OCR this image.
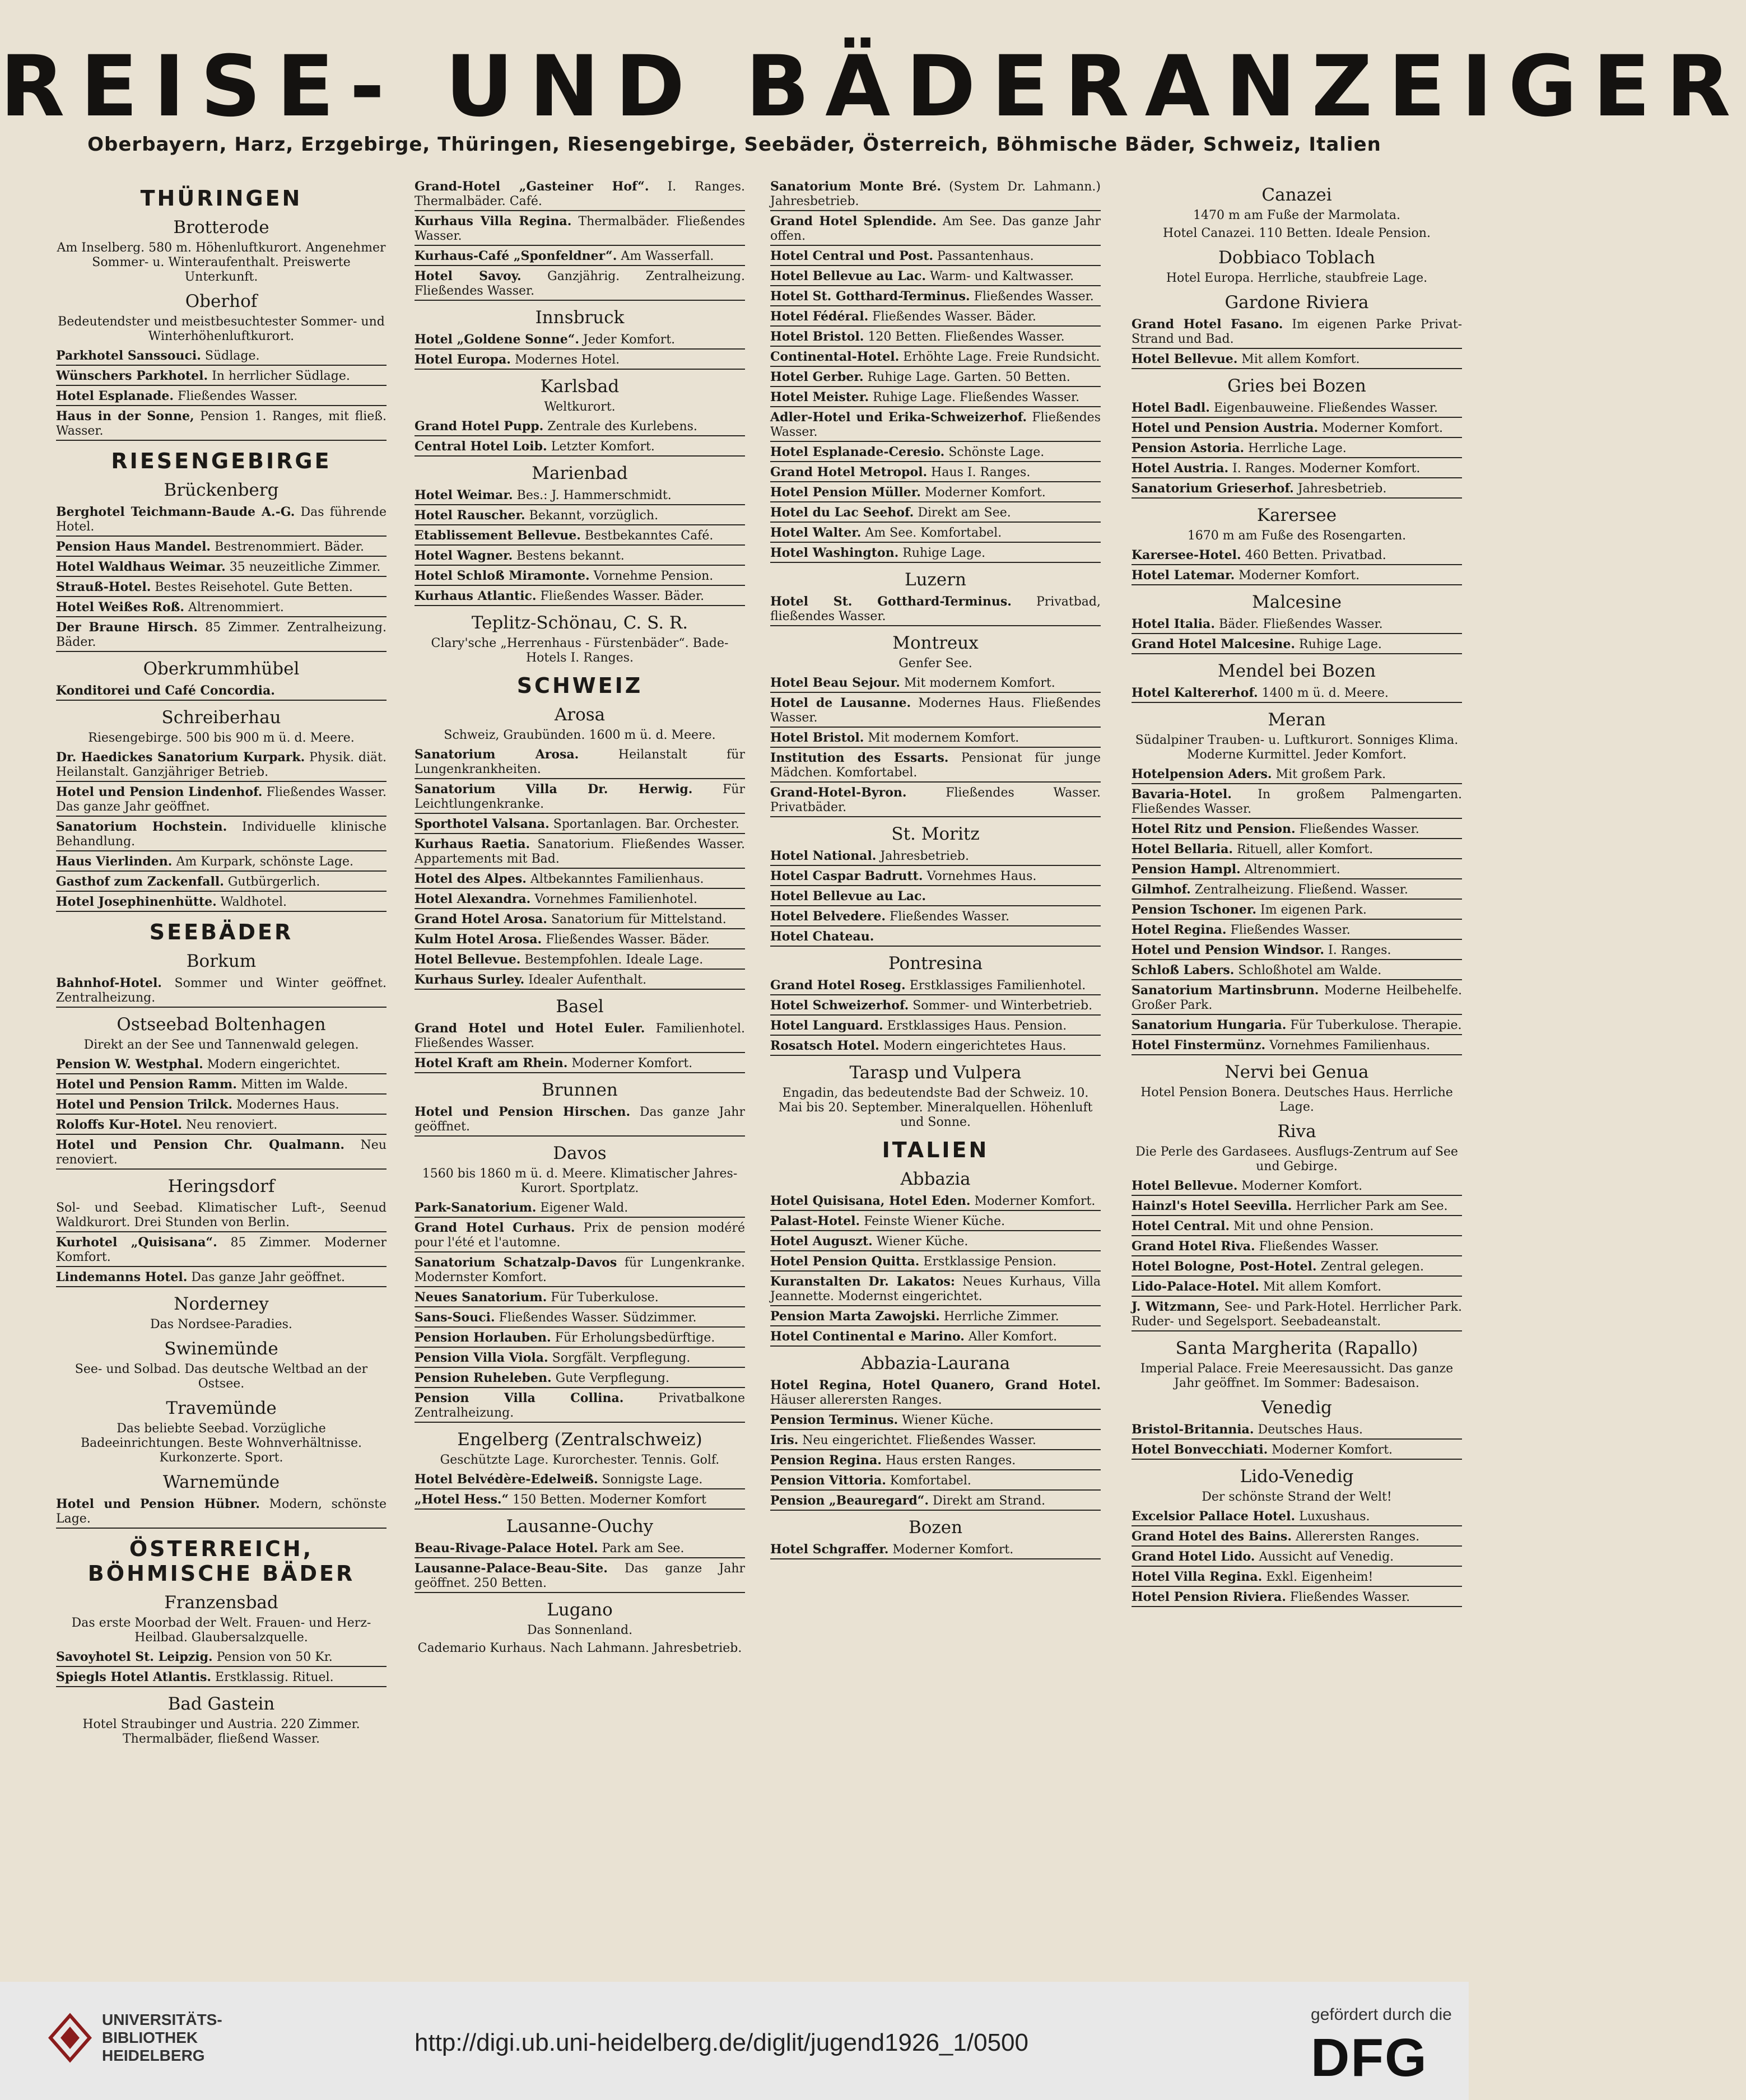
REISE- UND BÄDERANZEIGER
Oberbayern, Harz, Erzgebirge, Thüringen, Riesengebirge, Seebäder, Österreich, Böhmische Bäder, Schweiz, Italien
THÜRINGEN
Brotterode
Am Inselberg. 580 m. Höhenluftkurort. Angenehmer Sommer- u. Winteraufenthalt. Preiswerte Unterkunft.
Oberhof
Bedeutendster und meistbesuchtester Sommer- und Winterhöhenluftkurort.
Parkhotel Sanssouci. Südlage.
Wünschers Parkhotel. In herrlicher Südlage.
Hotel Esplanade. Fließendes Wasser.
Haus in der Sonne, Pension 1. Ranges, mit fließ. Wasser.
RIESENGEBIRGE
Brückenberg
Berghotel Teichmann-Baude A.-G. Das führende Hotel.
Pension Haus Mandel. Bestrenommiert. Bäder.
Hotel Waldhaus Weimar. 35 neuzeitliche Zimmer.
Strauß-Hotel. Bestes Reisehotel. Gute Betten.
Hotel Weißes Roß. Altrenommiert.
Der Braune Hirsch. 85 Zimmer. Zentralheizung. Bäder.
Oberkrummhübel
Konditorei und Café Concordia.
Schreiberhau
Riesengebirge. 500 bis 900 m ü. d. Meere.
Dr. Haedickes Sanatorium Kurpark. Physik. diät. Heilanstalt. Ganzjähriger Betrieb.
Hotel und Pension Lindenhof. Fließendes Wasser. Das ganze Jahr geöffnet.
Sanatorium Hochstein. Individuelle klinische Behandlung.
Haus Vierlinden. Am Kurpark, schönste Lage.
Gasthof zum Zackenfall. Gutbürgerlich.
Hotel Josephinenhütte. Waldhotel.
SEEBÄDER
Borkum
Bahnhof-Hotel. Sommer und Winter geöffnet. Zentralheizung.
Ostseebad Boltenhagen
Direkt an der See und Tannenwald gelegen.
Pension W. Westphal. Modern eingerichtet.
Hotel und Pension Ramm. Mitten im Walde.
Hotel und Pension Trilck. Modernes Haus.
Roloffs Kur-Hotel. Neu renoviert.
Hotel und Pension Chr. Qualmann. Neu renoviert.
Heringsdorf
Sol- und Seebad. Klimatischer Luft-, Seenud Waldkurort. Drei Stunden von Berlin.
Kurhotel „Quisisana“. 85 Zimmer. Moderner Komfort.
Lindemanns Hotel. Das ganze Jahr geöffnet.
Norderney
Das Nordsee-Paradies.
Swinemünde
See- und Solbad. Das deutsche Weltbad an der Ostsee.
Travemünde
Das beliebte Seebad. Vorzügliche Badeeinrichtungen. Beste Wohnverhältnisse. Kurkonzerte. Sport.
Warnemünde
Hotel und Pension Hübner. Modern, schönste Lage.
ÖSTERREICH, BÖHMISCHE BÄDER
Franzensbad
Das erste Moorbad der Welt. Frauen- und Herz-Heilbad. Glaubersalzquelle.
Savoyhotel St. Leipzig. Pension von 50 Kr.
Spiegls Hotel Atlantis. Erstklassig. Rituel.
Bad Gastein
Hotel Straubinger und Austria. 220 Zimmer. Thermalbäder, fließend Wasser.
Grand-Hotel „Gasteiner Hof“. I. Ranges. Thermalbäder. Café.
Kurhaus Villa Regina. Thermalbäder. Fließendes Wasser.
Kurhaus-Café „Sponfeldner“. Am Wasserfall.
Hotel Savoy. Ganzjährig. Zentralheizung. Fließendes Wasser.
Innsbruck
Hotel „Goldene Sonne“. Jeder Komfort.
Hotel Europa. Modernes Hotel.
Karlsbad
Weltkurort.
Grand Hotel Pupp. Zentrale des Kurlebens.
Central Hotel Loib. Letzter Komfort.
Marienbad
Hotel Weimar. Bes.: J. Hammerschmidt.
Hotel Rauscher. Bekannt, vorzüglich.
Etablissement Bellevue. Bestbekanntes Café.
Hotel Wagner. Bestens bekannt.
Hotel Schloß Miramonte. Vornehme Pension.
Kurhaus Atlantic. Fließendes Wasser. Bäder.
Teplitz-Schönau, C. S. R.
Clary'sche „Herrenhaus - Fürstenbäder“. Bade-Hotels I. Ranges.
SCHWEIZ
Arosa
Schweiz, Graubünden. 1600 m ü. d. Meere.
Sanatorium Arosa. Heilanstalt für Lungenkrankheiten.
Sanatorium Villa Dr. Herwig. Für Leichtlungenkranke.
Sporthotel Valsana. Sportanlagen. Bar. Orchester.
Kurhaus Raetia. Sanatorium. Fließendes Wasser. Appartements mit Bad.
Hotel des Alpes. Altbekanntes Familienhaus.
Hotel Alexandra. Vornehmes Familienhotel.
Grand Hotel Arosa. Sanatorium für Mittelstand.
Kulm Hotel Arosa. Fließendes Wasser. Bäder.
Hotel Bellevue. Bestempfohlen. Ideale Lage.
Kurhaus Surley. Idealer Aufenthalt.
Basel
Grand Hotel und Hotel Euler. Familienhotel. Fließendes Wasser.
Hotel Kraft am Rhein. Moderner Komfort.
Brunnen
Hotel und Pension Hirschen. Das ganze Jahr geöffnet.
Davos
1560 bis 1860 m ü. d. Meere. Klimatischer Jahres-Kurort. Sportplatz.
Park-Sanatorium. Eigener Wald.
Grand Hotel Curhaus. Prix de pension modéré pour l'été et l'automne.
Sanatorium Schatzalp-Davos für Lungenkranke. Modernster Komfort.
Neues Sanatorium. Für Tuberkulose.
Sans-Souci. Fließendes Wasser. Südzimmer.
Pension Horlauben. Für Erholungsbedürftige.
Pension Villa Viola. Sorgfält. Verpflegung.
Pension Ruheleben. Gute Verpflegung.
Pension Villa Collina. Privatbalkone Zentralheizung.
Engelberg (Zentralschweiz)
Geschützte Lage. Kurorchester. Tennis. Golf.
Hotel Belvédère-Edelweiß. Sonnigste Lage.
„Hotel Hess.“ 150 Betten. Moderner Komfort
Lausanne-Ouchy
Beau-Rivage-Palace Hotel. Park am See.
Lausanne-Palace-Beau-Site. Das ganze Jahr geöffnet. 250 Betten.
Lugano
Das Sonnenland.
Cademario Kurhaus. Nach Lahmann. Jahresbetrieb.
Sanatorium Monte Bré. (System Dr. Lahmann.) Jahresbetrieb.
Grand Hotel Splendide. Am See. Das ganze Jahr offen.
Hotel Central und Post. Passantenhaus.
Hotel Bellevue au Lac. Warm- und Kaltwasser.
Hotel St. Gotthard-Terminus. Fließendes Wasser.
Hotel Fédéral. Fließendes Wasser. Bäder.
Hotel Bristol. 120 Betten. Fließendes Wasser.
Continental-Hotel. Erhöhte Lage. Freie Rundsicht.
Hotel Gerber. Ruhige Lage. Garten. 50 Betten.
Hotel Meister. Ruhige Lage. Fließendes Wasser.
Adler-Hotel und Erika-Schweizerhof. Fließendes Wasser.
Hotel Esplanade-Ceresio. Schönste Lage.
Grand Hotel Metropol. Haus I. Ranges.
Hotel Pension Müller. Moderner Komfort.
Hotel du Lac Seehof. Direkt am See.
Hotel Walter. Am See. Komfortabel.
Hotel Washington. Ruhige Lage.
Luzern
Hotel St. Gotthard-Terminus. Privatbad, fließendes Wasser.
Montreux
Genfer See.
Hotel Beau Sejour. Mit modernem Komfort.
Hotel de Lausanne. Modernes Haus. Fließendes Wasser.
Hotel Bristol. Mit modernem Komfort.
Institution des Essarts. Pensionat für junge Mädchen. Komfortabel.
Grand-Hotel-Byron. Fließendes Wasser. Privatbäder.
St. Moritz
Hotel National. Jahresbetrieb.
Hotel Caspar Badrutt. Vornehmes Haus.
Hotel Bellevue au Lac.
Hotel Belvedere. Fließendes Wasser.
Hotel Chateau.
Pontresina
Grand Hotel Roseg. Erstklassiges Familienhotel.
Hotel Schweizerhof. Sommer- und Winterbetrieb.
Hotel Languard. Erstklassiges Haus. Pension.
Rosatsch Hotel. Modern eingerichtetes Haus.
Tarasp und Vulpera
Engadin, das bedeutendste Bad der Schweiz. 10. Mai bis 20. September. Mineralquellen. Höhenluft und Sonne.
ITALIEN
Abbazia
Hotel Quisisana, Hotel Eden. Moderner Komfort.
Palast-Hotel. Feinste Wiener Küche.
Hotel Auguszt. Wiener Küche.
Hotel Pension Quitta. Erstklassige Pension.
Kuranstalten Dr. Lakatos: Neues Kurhaus, Villa Jeannette. Modernst eingerichtet.
Pension Marta Zawojski. Herrliche Zimmer.
Hotel Continental e Marino. Aller Komfort.
Abbazia-Laurana
Hotel Regina, Hotel Quanero, Grand Hotel. Häuser allerersten Ranges.
Pension Terminus. Wiener Küche.
Iris. Neu eingerichtet. Fließendes Wasser.
Pension Regina. Haus ersten Ranges.
Pension Vittoria. Komfortabel.
Pension „Beauregard“. Direkt am Strand.
Bozen
Hotel Schgraffer. Moderner Komfort.
Canazei
1470 m am Fuße der Marmolata.
Hotel Canazei. 110 Betten. Ideale Pension.
Dobbiaco Toblach
Hotel Europa. Herrliche, staubfreie Lage.
Gardone Riviera
Grand Hotel Fasano. Im eigenen Parke Privat-Strand und Bad.
Hotel Bellevue. Mit allem Komfort.
Gries bei Bozen
Hotel Badl. Eigenbauweine. Fließendes Wasser.
Hotel und Pension Austria. Moderner Komfort.
Pension Astoria. Herrliche Lage.
Hotel Austria. I. Ranges. Moderner Komfort.
Sanatorium Grieserhof. Jahresbetrieb.
Karersee
1670 m am Fuße des Rosengarten.
Karersee-Hotel. 460 Betten. Privatbad.
Hotel Latemar. Moderner Komfort.
Malcesine
Hotel Italia. Bäder. Fließendes Wasser.
Grand Hotel Malcesine. Ruhige Lage.
Mendel bei Bozen
Hotel Kaltererhof. 1400 m ü. d. Meere.
Meran
Südalpiner Trauben- u. Luftkurort. Sonniges Klima. Moderne Kurmittel. Jeder Komfort.
Hotelpension Aders. Mit großem Park.
Bavaria-Hotel. In großem Palmengarten. Fließendes Wasser.
Hotel Ritz und Pension. Fließendes Wasser.
Hotel Bellaria. Rituell, aller Komfort.
Pension Hampl. Altrenommiert.
Gilmhof. Zentralheizung. Fließend. Wasser.
Pension Tschoner. Im eigenen Park.
Hotel Regina. Fließendes Wasser.
Hotel und Pension Windsor. I. Ranges.
Schloß Labers. Schloßhotel am Walde.
Sanatorium Martinsbrunn. Moderne Heilbehelfe. Großer Park.
Sanatorium Hungaria. Für Tuberkulose. Therapie.
Hotel Finstermünz. Vornehmes Familienhaus.
Nervi bei Genua
Hotel Pension Bonera. Deutsches Haus. Herrliche Lage.
Riva
Die Perle des Gardasees. Ausflugs-Zentrum auf See und Gebirge.
Hotel Bellevue. Moderner Komfort.
Hainzl's Hotel Seevilla. Herrlicher Park am See.
Hotel Central. Mit und ohne Pension.
Grand Hotel Riva. Fließendes Wasser.
Hotel Bologne, Post-Hotel. Zentral gelegen.
Lido-Palace-Hotel. Mit allem Komfort.
J. Witzmann, See- und Park-Hotel. Herrlicher Park. Ruder- und Segelsport. Seebadeanstalt.
Santa Margherita (Rapallo)
Imperial Palace. Freie Meeresaussicht. Das ganze Jahr geöffnet. Im Sommer: Badesaison.
Venedig
Bristol-Britannia. Deutsches Haus.
Hotel Bonvecchiati. Moderner Komfort.
Lido-Venedig
Der schönste Strand der Welt!
Excelsior Pallace Hotel. Luxushaus.
Grand Hotel des Bains. Allerersten Ranges.
Grand Hotel Lido. Aussicht auf Venedig.
Hotel Villa Regina. Exkl. Eigenheim!
Hotel Pension Riviera. Fließendes Wasser.
UNIVERSITÄTS-
BIBLIOTHEK
HEIDELBERG	http://digi.ub.uni-heidelberg.de/diglit/jugend1926_1/0500
gefördert durch die
DFG
